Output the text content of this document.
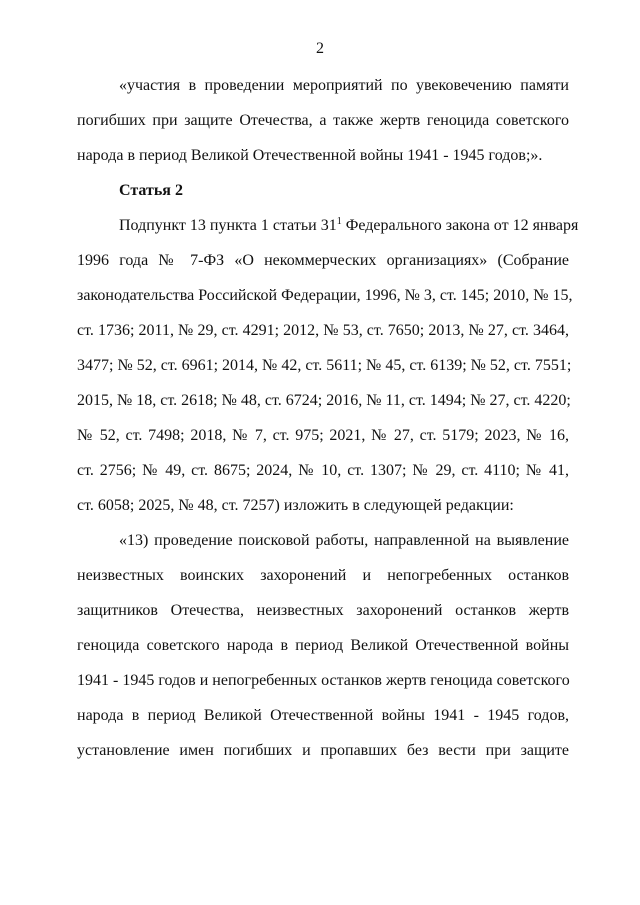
2
«участия в проведении мероприятий по увековечению памяти
погибших при защите Отечества, а также жертв геноцида советского
народа в период Великой Отечественной войны 1941 - 1945 годов;».
Статья 2
Подпункт 13 пункта 1 статьи $31^1$ Федерального закона от 12 января
1996 года № 7-ФЗ «О некоммерческих организациях» (Собрание
законодательства Российской Федерации, 1996, № 3, ст. 145; 2010, № 15,
ст. 1736; 2011, № 29, ст. 4291; 2012, № 53, ст. 7650; 2013, № 27, ст. 3464,
3477; № 52, ст. 6961; 2014, № 42, ст. 5611; № 45, ст. 6139; № 52, ст. 7551;
2015, № 18, ст. 2618; № 48, ст. 6724; 2016, № 11, ст. 1494; № 27, ст. 4220;
№ 52, ст. 7498; 2018, № 7, ст. 975; 2021, № 27, ст. 5179; 2023, № 16,
ст. 2756; № 49, ст. 8675; 2024, № 10, ст. 1307; № 29, ст. 4110; № 41,
ст. 6058; 2025, № 48, ст. 7257) изложить в следующей редакции:
«13) проведение поисковой работы, направленной на выявление
неизвестных воинских захоронений и непогребенных останков
защитников Отечества, неизвестных захоронений останков жертв
геноцида советского народа в период Великой Отечественной войны
1941 - 1945 годов и непогребенных останков жертв геноцида советского
народа в период Великой Отечественной войны 1941 - 1945 годов,
установление имен погибших и пропавших без вести при защите
